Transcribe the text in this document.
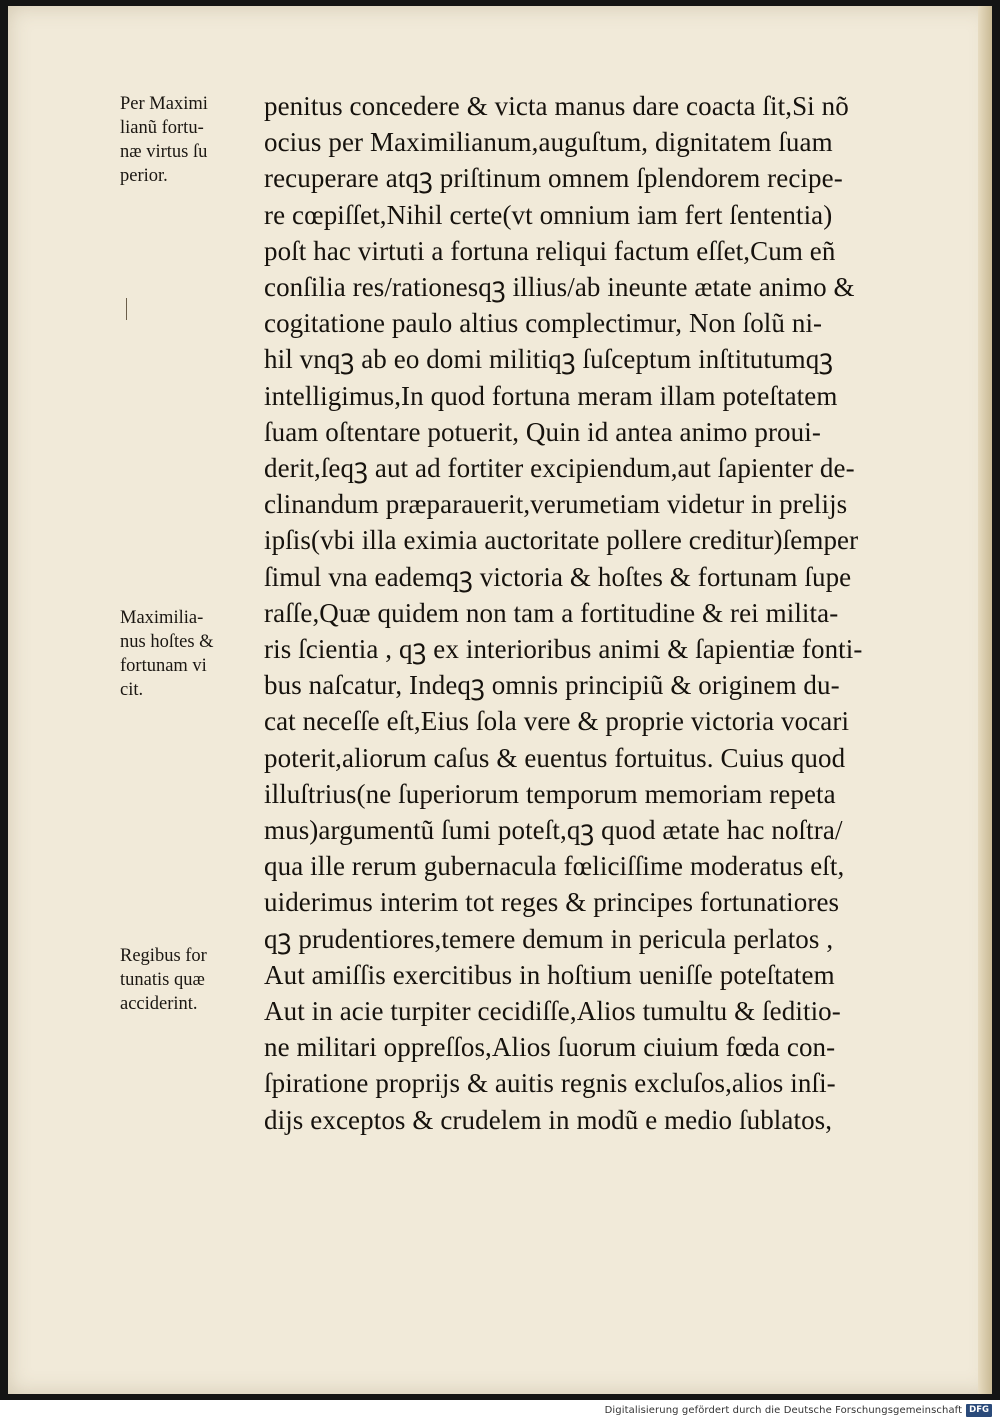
Per Maximi
lianũ fortu-
næ virtus ſu
perior.
Maximilia-
nus hoſtes &
fortunam vi
cit.
Regibus for
tunatis quæ
acciderint.
penitus concedere & victa manus dare coacta ſit,Si nõ
ocius per Maximilianum,auguſtum, dignitatem ſuam
recuperare atqꝫ priſtinum omnem ſplendorem recipe-
re cœpiſſet,Nihil certe(vt omnium iam fert ſententia)
poſt hac virtuti a fortuna reliqui factum eſſet,Cum eñ
conſilia res/rationesqꝫ illius/ab ineunte ætate animo &
cogitatione paulo altius complectimur, Non ſolũ ni-
hil vnqꝫ ab eo domi militiqꝫ ſuſceptum inſtitutumqꝫ
intelligimus,In quod fortuna meram illam poteſtatem
ſuam oſtentare potuerit, Quin id antea animo proui-
derit,ſeqꝫ aut ad fortiter excipiendum,aut ſapienter de-
clinandum præparauerit,verumetiam videtur in prelijs
ipſis(vbi illa eximia auctoritate pollere creditur)ſemper
ſimul vna eademqꝫ victoria & hoſtes & fortunam ſupe
raſſe,Quæ quidem non tam a fortitudine & rei milita-
ris ſcientia , qꝫ ex interioribus animi & ſapientiæ fonti-
bus naſcatur, Indeqꝫ omnis principiũ & originem du-
cat neceſſe eſt,Eius ſola vere & proprie victoria vocari
poterit,aliorum caſus & euentus fortuitus. Cuius quod
illuſtrius(ne ſuperiorum temporum memoriam repeta
mus)argumentũ ſumi poteſt,qꝫ quod ætate hac noſtra/
qua ille rerum gubernacula fœliciſſime moderatus eſt,
uiderimus interim tot reges & principes fortunatiores
qꝫ prudentiores,temere demum in pericula perlatos ,
Aut amiſſis exercitibus in hoſtium ueniſſe poteſtatem
Aut in acie turpiter cecidiſſe,Alios tumultu & ſeditio-
ne militari oppreſſos,Alios ſuorum ciuium fœda con-
ſpiratione proprijs & auitis regnis excluſos,alios inſi-
dijs exceptos & crudelem in modũ e medio ſublatos,
Digitalisierung gefördert durch die Deutsche Forschungsgemeinschaft DFG
